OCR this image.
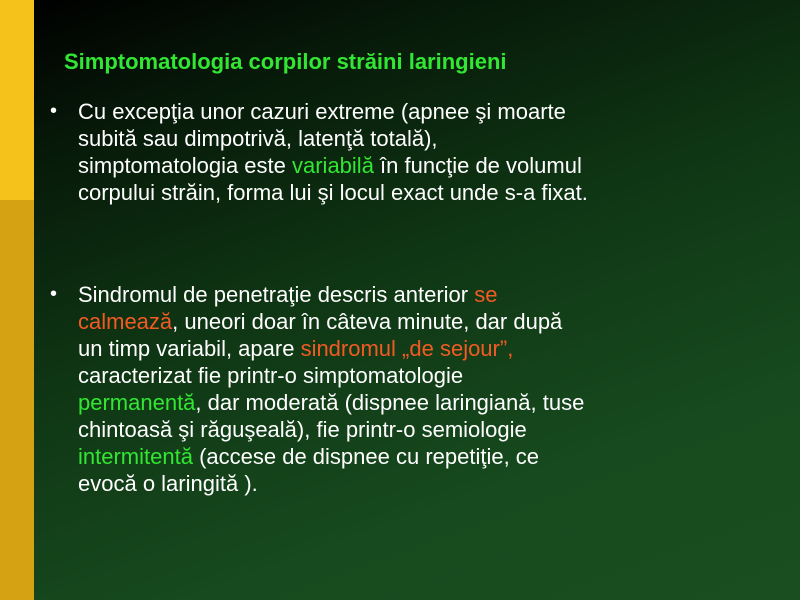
Simptomatologia corpilor străini laringieni
• Cu excepţia unor cazuri extreme (apnee şi moarte
subită sau dimpotrivă, latenţă totală),
simptomatologia este variabilă în funcţie de volumul
corpului străin, forma lui şi locul exact unde s-a fixat.
• Sindromul de penetraţie descris anterior se
calmează, uneori doar în câteva minute, dar după
un timp variabil, apare sindromul „de sejour”,
caracterizat fie printr-o simptomatologie
permanentă, dar moderată (dispnee laringiană, tuse
chintoasă şi răguşeală), fie printr-o semiologie
intermitentă (accese de dispnee cu repetiţie, ce
evocă o laringită ).
